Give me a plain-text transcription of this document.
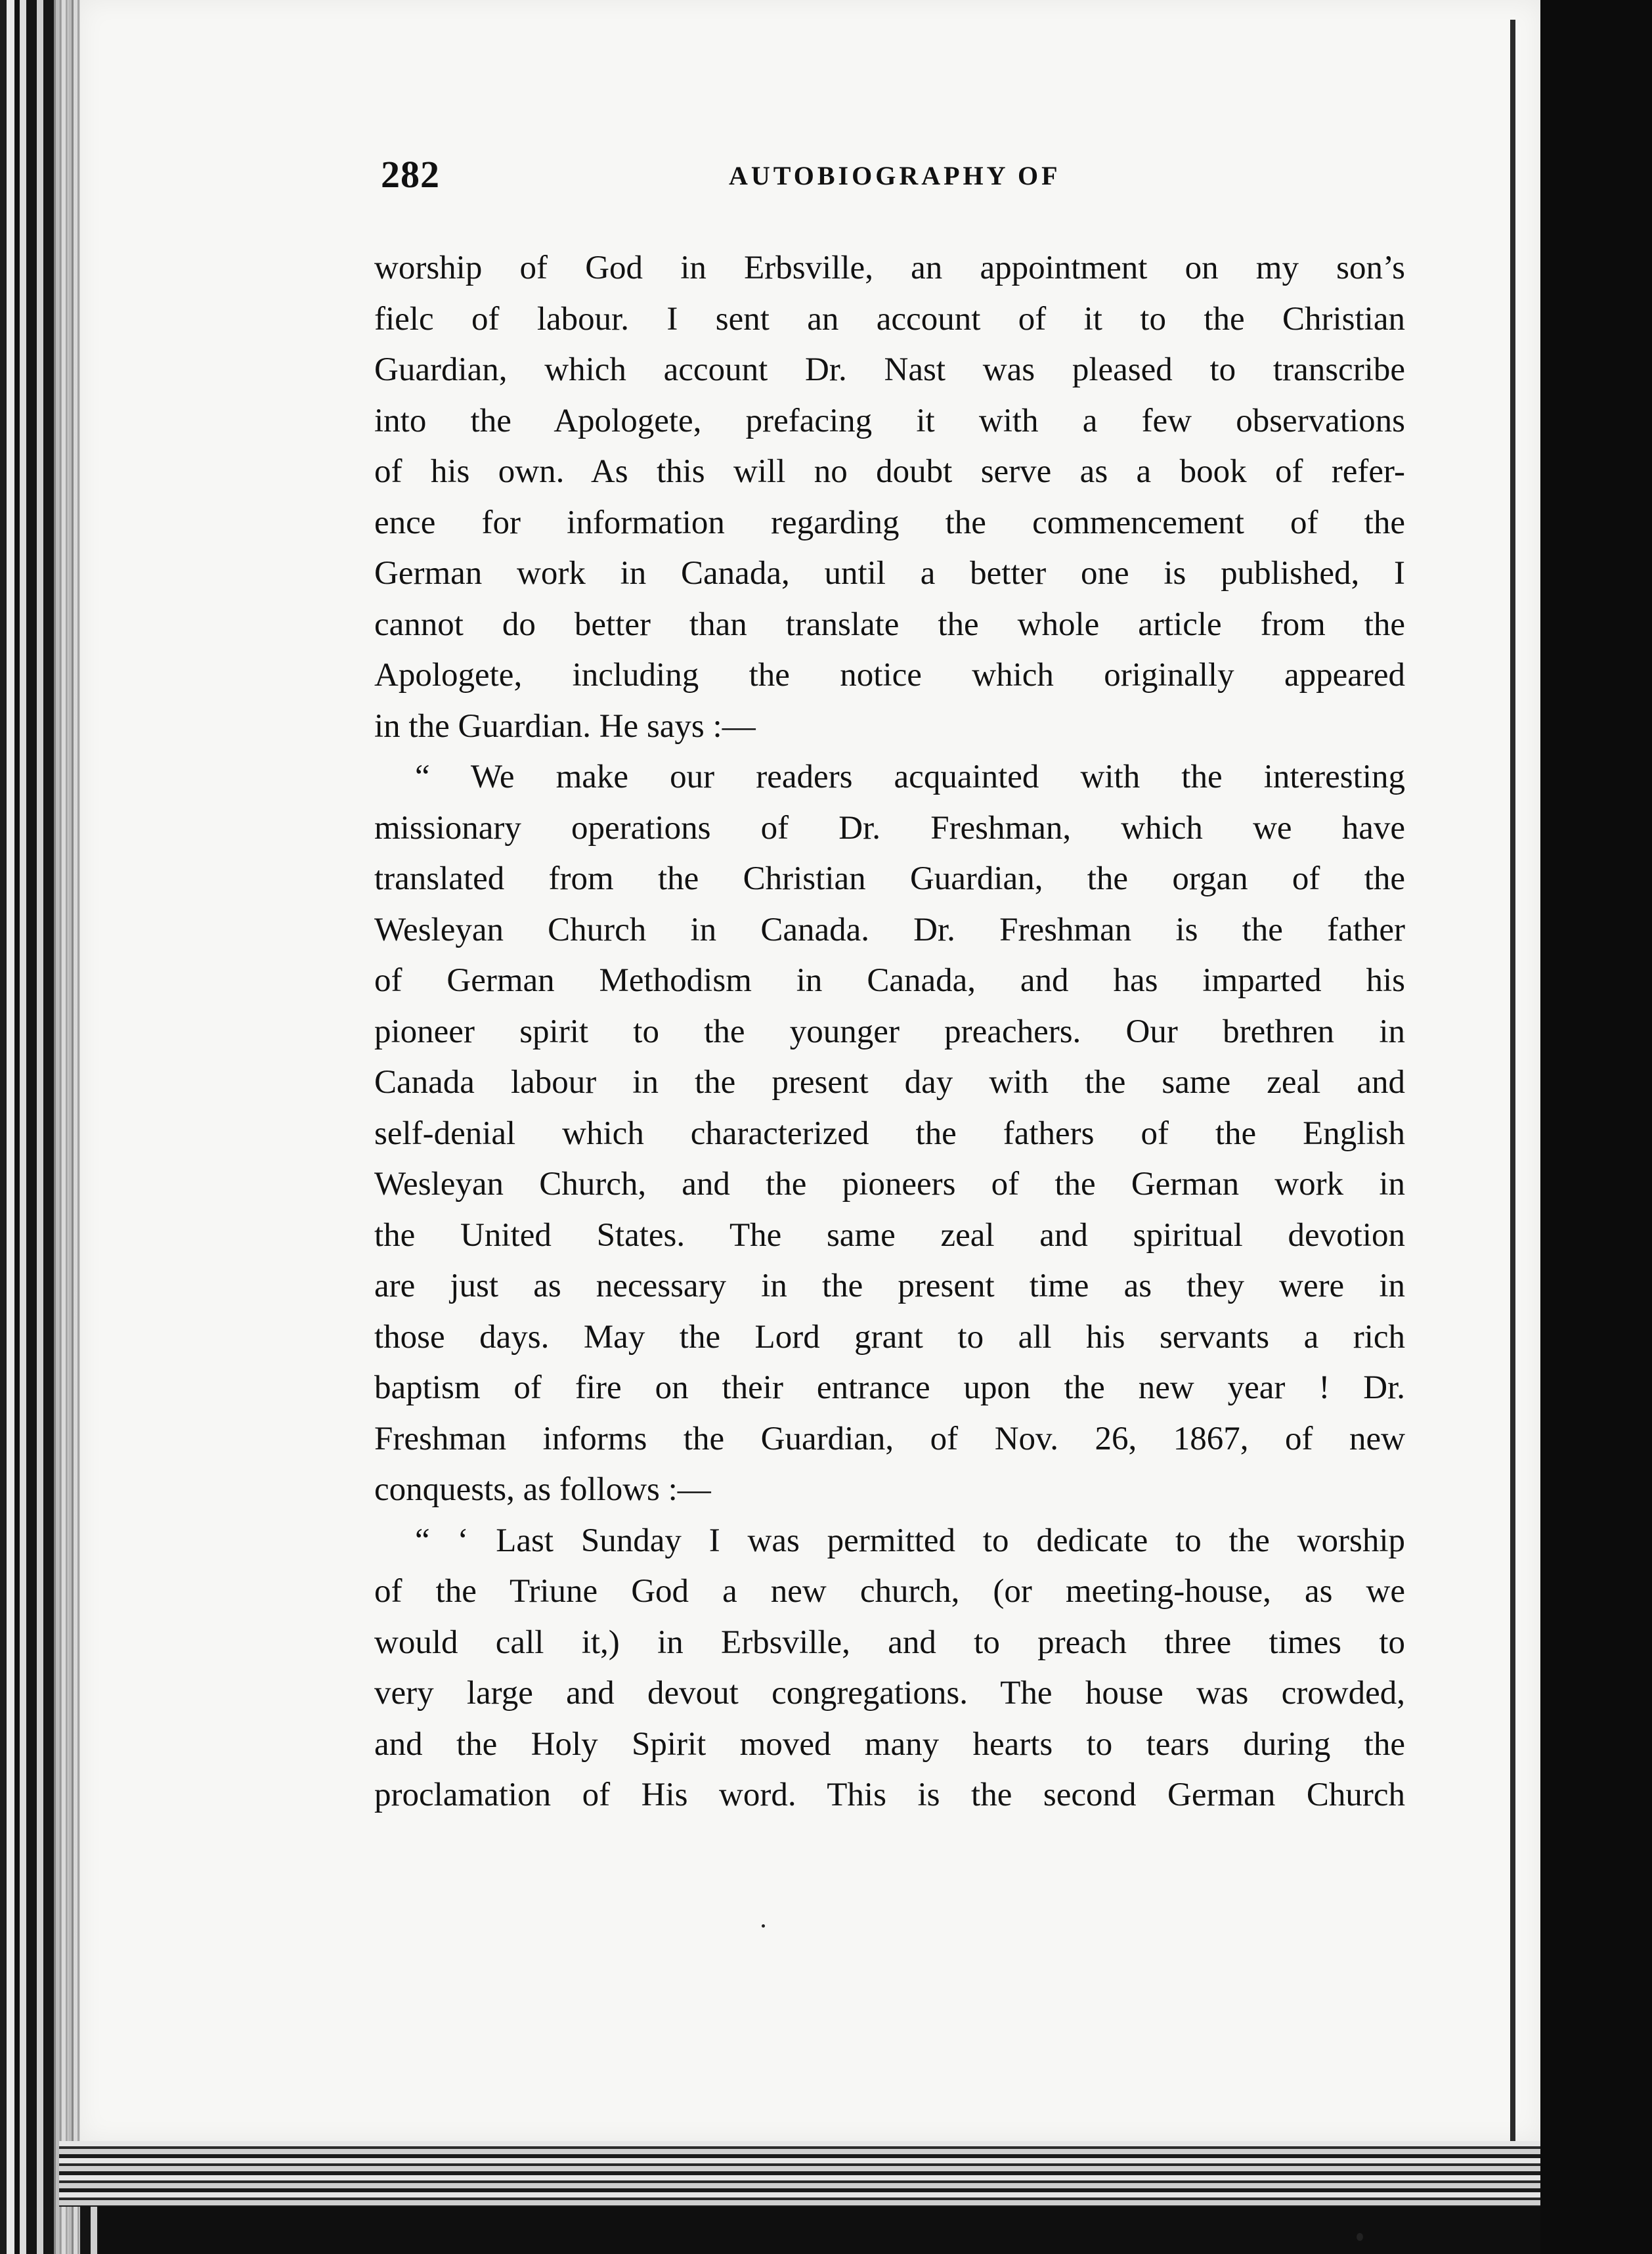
282	AUTOBIOGRAPHY OF
worship of God in Erbsville, an appointment on my son’s
fielc of labour. I sent an account of it to the Christian
Guardian, which account Dr. Nast was pleased to transcribe
into the Apologete, prefacing it with a few observations
of his own. As this will no doubt serve as a book of refer-
ence for information regarding the commencement of the
German work in Canada, until a better one is published, I
cannot do better than translate the whole article from the
Apologete, including the notice which originally appeared
in the Guardian. He says :—
“ We make our readers acquainted with the interesting
missionary operations of Dr. Freshman, which we have
translated from the Christian Guardian, the organ of the
Wesleyan Church in Canada. Dr. Freshman is the father
of German Methodism in Canada, and has imparted his
pioneer spirit to the younger preachers. Our brethren in
Canada labour in the present day with the same zeal and
self-denial which characterized the fathers of the English
Wesleyan Church, and the pioneers of the German work in
the United States. The same zeal and spiritual devotion
are just as necessary in the present time as they were in
those days. May the Lord grant to all his servants a rich
baptism of fire on their entrance upon the new year ! Dr.
Freshman informs the Guardian, of Nov. 26, 1867, of new
conquests, as follows :—
“ ‘ Last Sunday I was permitted to dedicate to the worship
of the Triune God a new church, (or meeting-house, as we
would call it,) in Erbsville, and to preach three times to
very large and devout congregations. The house was crowded,
and the Holy Spirit moved many hearts to tears during the
proclamation of His word. This is the second German Church
